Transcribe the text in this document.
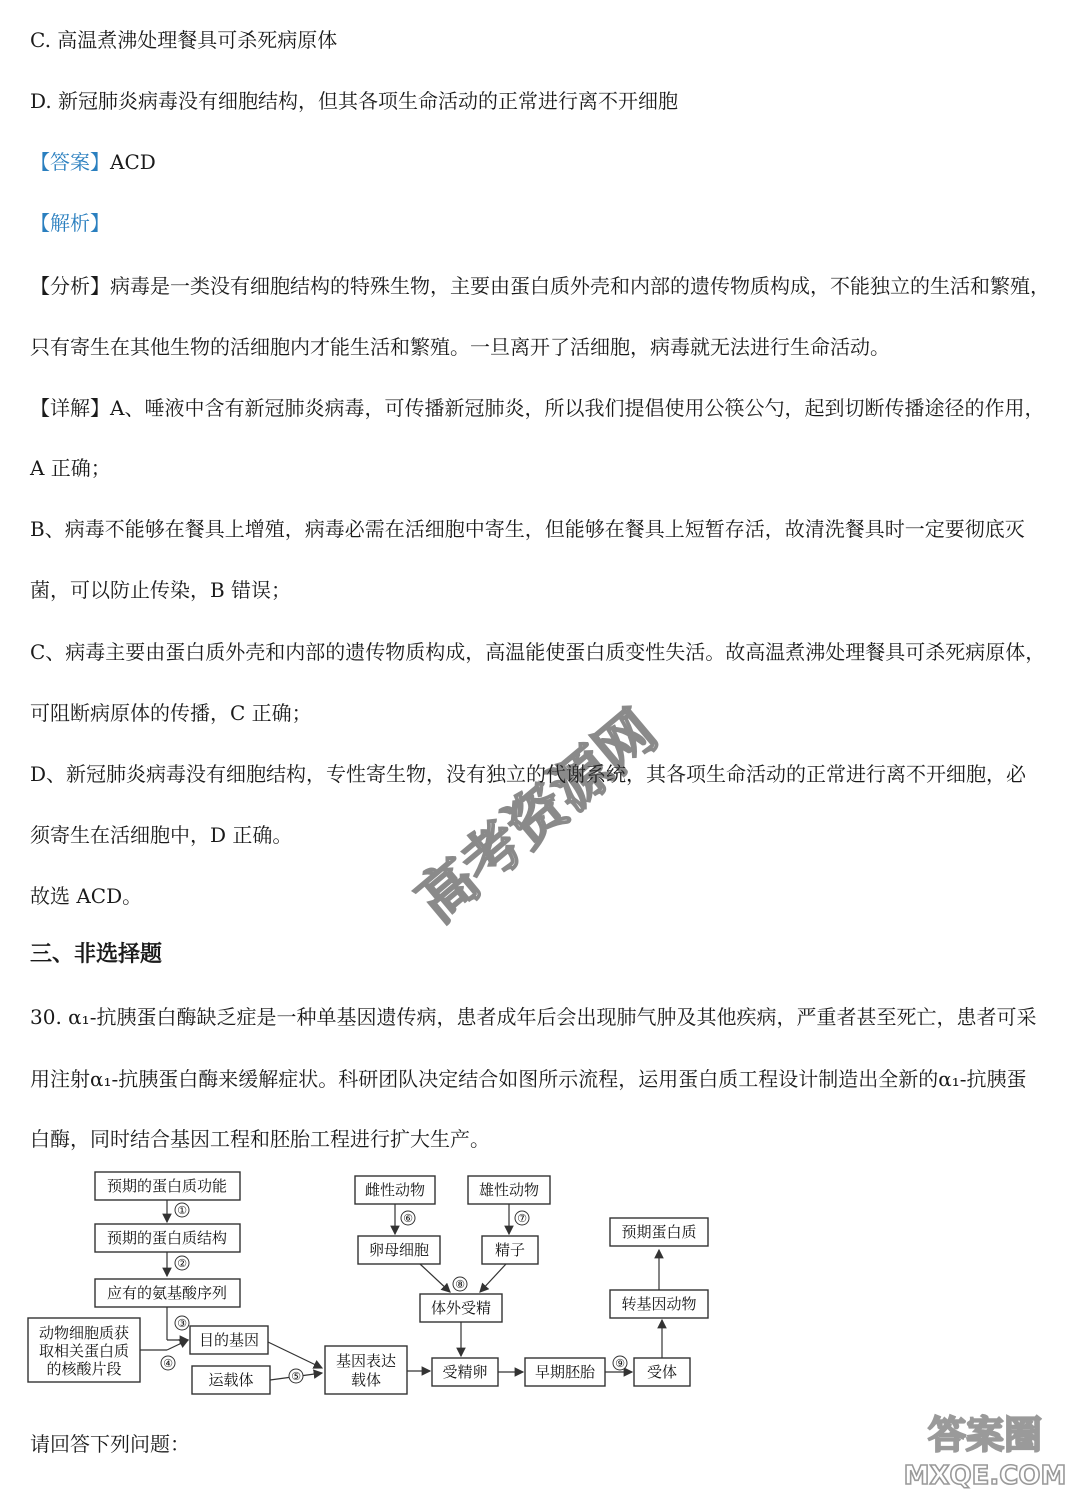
C. 高温煮沸处理餐具可杀死病原体
D. 新冠肺炎病毒没有细胞结构，但其各项生命活动的正常进行离不开细胞
【答案】ACD
【解析】
【分析】病毒是一类没有细胞结构的特殊生物，主要由蛋白质外壳和内部的遗传物质构成，不能独立的生活和繁殖，
只有寄生在其他生物的活细胞内才能生活和繁殖。一旦离开了活细胞，病毒就无法进行生命活动。
【详解】A、唾液中含有新冠肺炎病毒，可传播新冠肺炎，所以我们提倡使用公筷公勺，起到切断传播途径的作用，
A 正确；
B、病毒不能够在餐具上增殖，病毒必需在活细胞中寄生，但能够在餐具上短暂存活，故清洗餐具时一定要彻底灭
菌，可以防止传染，B 错误；
C、病毒主要由蛋白质外壳和内部的遗传物质构成，高温能使蛋白质变性失活。故高温煮沸处理餐具可杀死病原体，
可阻断病原体的传播，C 正确；
D、新冠肺炎病毒没有细胞结构，专性寄生物，没有独立的代谢系统，其各项生命活动的正常进行离不开细胞，必
须寄生在活细胞中，D 正确。
故选 ACD。
三、非选择题
30. α₁-抗胰蛋白酶缺乏症是一种单基因遗传病，患者成年后会出现肺气肿及其他疾病，严重者甚至死亡，患者可采
用注射α₁-抗胰蛋白酶来缓解症状。科研团队决定结合如图所示流程，运用蛋白质工程设计制造出全新的α₁-抗胰蛋
白酶，同时结合基因工程和胚胎工程进行扩大生产。
预期的蛋白质功能
①
预期的蛋白质结构
②
应有的氨基酸序列
③
动物细胞质获
取相关蛋白质
的核酸片段	④
目的基因
运载体	⑤
基因表达
载体
雌性动物
⑥
雄性动物
⑦
卵母细胞	精子
⑧
体外受精
受精卵	早期胚胎 ⑨ 受体
转基因动物
预期蛋白质
请回答下列问题：
高考资源网
答案圈
MXQE.COM
